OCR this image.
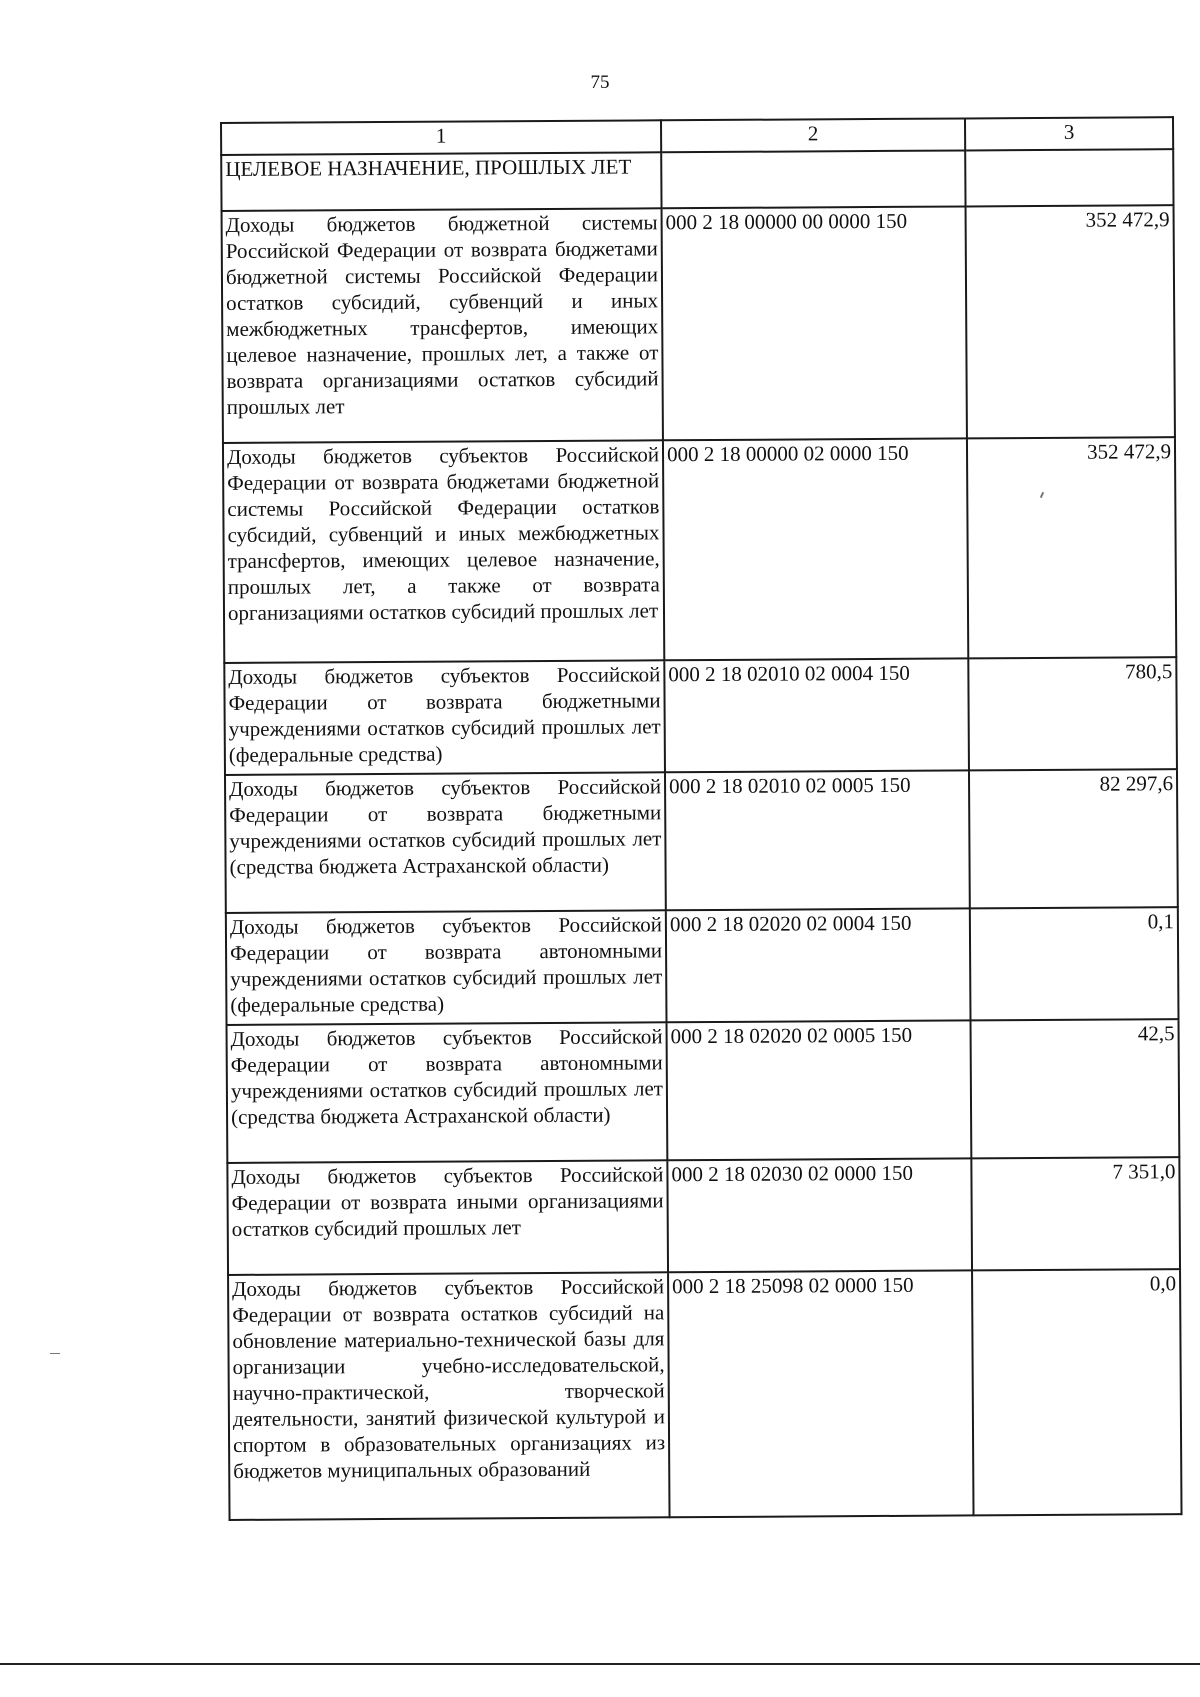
75
1	2	3
ЦЕЛЕВОЕ НАЗНАЧЕНИЕ, ПРОШЛЫХ ЛЕТ		
Доходы бюджетов бюджетной системы Российской Федерации от возврата бюджетами бюджетной системы Российской Федерации остатков субсидий, субвенций и иных межбюджетных трансфертов, имеющих целевое назначение, прошлых лет, а также от возврата организациями остатков субсидий прошлых лет	000 2 18 00000 00 0000 150	352 472,9
Доходы бюджетов субъектов Российской Федерации от возврата бюджетами бюджетной системы Российской Федерации остатков субсидий, субвенций и иных межбюджетных трансфертов, имеющих целевое назначение, прошлых лет, а также от возврата организациями остатков субсидий прошлых лет	000 2 18 00000 02 0000 150	352 472,9
Доходы бюджетов субъектов Российской Федерации от возврата бюджетными учреждениями остатков субсидий прошлых лет (федеральные средства)	000 2 18 02010 02 0004 150	780,5
Доходы бюджетов субъектов Российской Федерации от возврата бюджетными учреждениями остатков субсидий прошлых лет (средства бюджета Астраханской области)	000 2 18 02010 02 0005 150	82 297,6
Доходы бюджетов субъектов Российской Федерации от возврата автономными учреждениями остатков субсидий прошлых лет (федеральные средства)	000 2 18 02020 02 0004 150	0,1
Доходы бюджетов субъектов Российской Федерации от возврата автономными учреждениями остатков субсидий прошлых лет (средства бюджета Астраханской области)	000 2 18 02020 02 0005 150	42,5
Доходы бюджетов субъектов Российской Федерации от возврата иными организациями остатков субсидий прошлых лет	000 2 18 02030 02 0000 150	7 351,0
Доходы бюджетов субъектов Российской Федерации от возврата остатков субсидий на обновление материально-технической базы для организации учебно-исследовательской, научно-практической, творческой деятельности, занятий физической культурой и спортом в образовательных организациях из бюджетов муниципальных образований	000 2 18 25098 02 0000 150	0,0
